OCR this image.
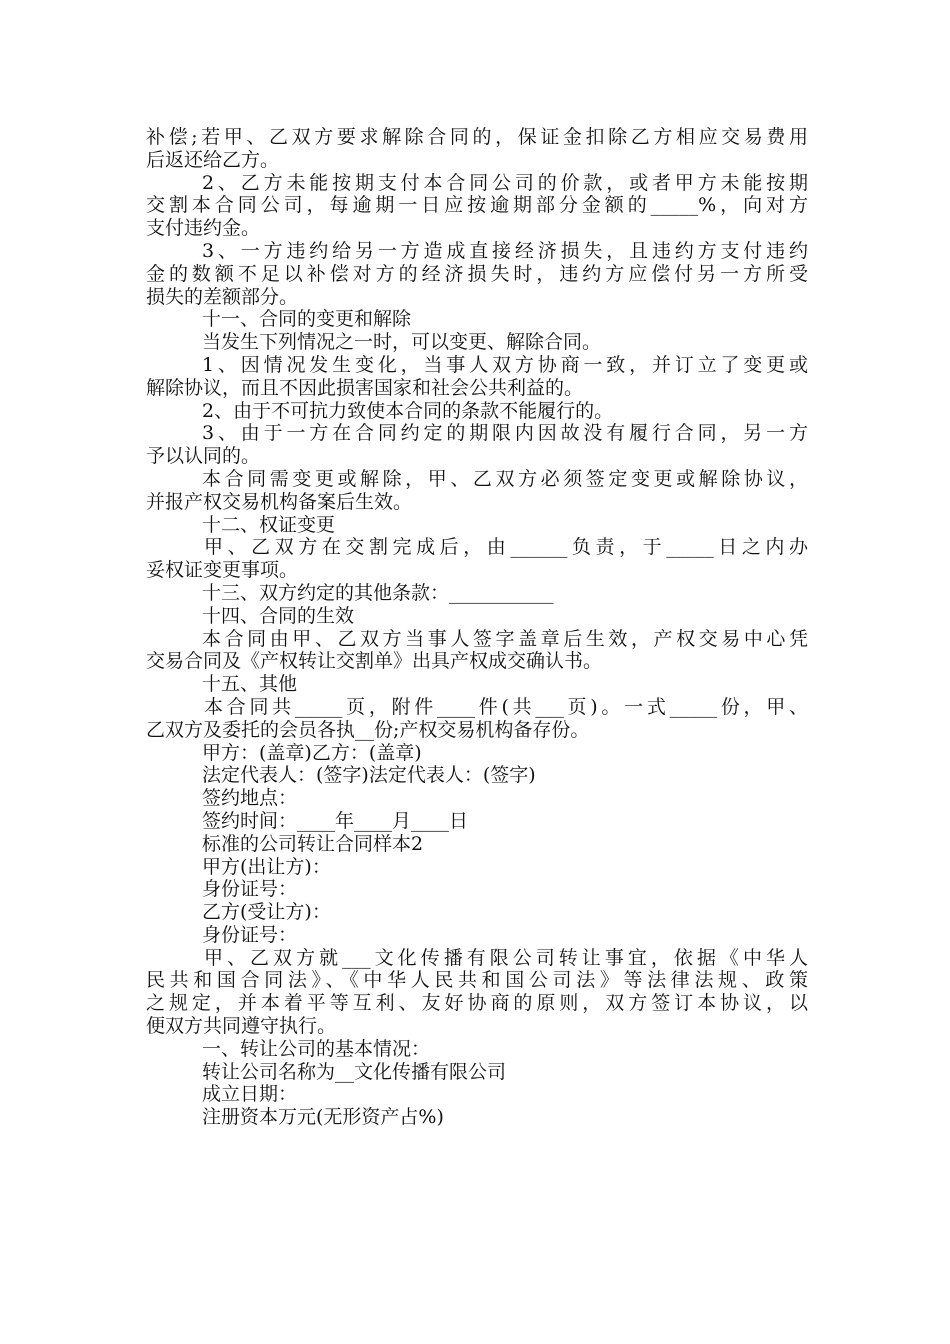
补偿;若甲、乙双方要求解除合同的，保证金扣除乙方相应交易费用
后返还给乙方。
2、乙方未能按期支付本合同公司的价款，或者甲方未能按期
交割本合同公司，每逾期一日应按逾期部分金额的_____%，向对方
支付违约金。
3、一方违约给另一方造成直接经济损失，且违约方支付违约
金的数额不足以补偿对方的经济损失时，违约方应偿付另一方所受
损失的差额部分。
十一、合同的变更和解除
当发生下列情况之一时，可以变更、解除合同。
1、因情况发生变化，当事人双方协商一致，并订立了变更或
解除协议，而且不因此损害国家和社会公共利益的。
2、由于不可抗力致使本合同的条款不能履行的。
3、由于一方在合同约定的期限内因故没有履行合同，另一方
予以认同的。
本合同需变更或解除，甲、乙双方必须签定变更或解除协议，
并报产权交易机构备案后生效。
十二、权证变更
甲、乙双方在交割完成后，由______负责，于_____日之内办
妥权证变更事项。
十三、双方约定的其他条款：___________
十四、合同的生效
本合同由甲、乙双方当事人签字盖章后生效，产权交易中心凭
交易合同及《产权转让交割单》出具产权成交确认书。
十五、其他
本合同共_____页，附件____件(共___页)。一式_____份，甲、
乙双方及委托的会员各执__份;产权交易机构备存份。
甲方：(盖章)乙方：(盖章)
法定代表人：(签字)法定代表人：(签字)
签约地点：
签约时间：____年____月____日
标准的公司转让合同样本2
甲方(出让方)：
身份证号：
乙方(受让方)：
身份证号：
甲、乙双方就___文化传播有限公司转让事宜，依据《中华人
民共和国合同法》、《中华人民共和国公司法》等法律法规、政策
之规定，并本着平等互利、友好协商的原则，双方签订本协议，以
便双方共同遵守执行。
一、转让公司的基本情况：
转让公司名称为__文化传播有限公司
成立日期：
注册资本万元(无形资产占%)
